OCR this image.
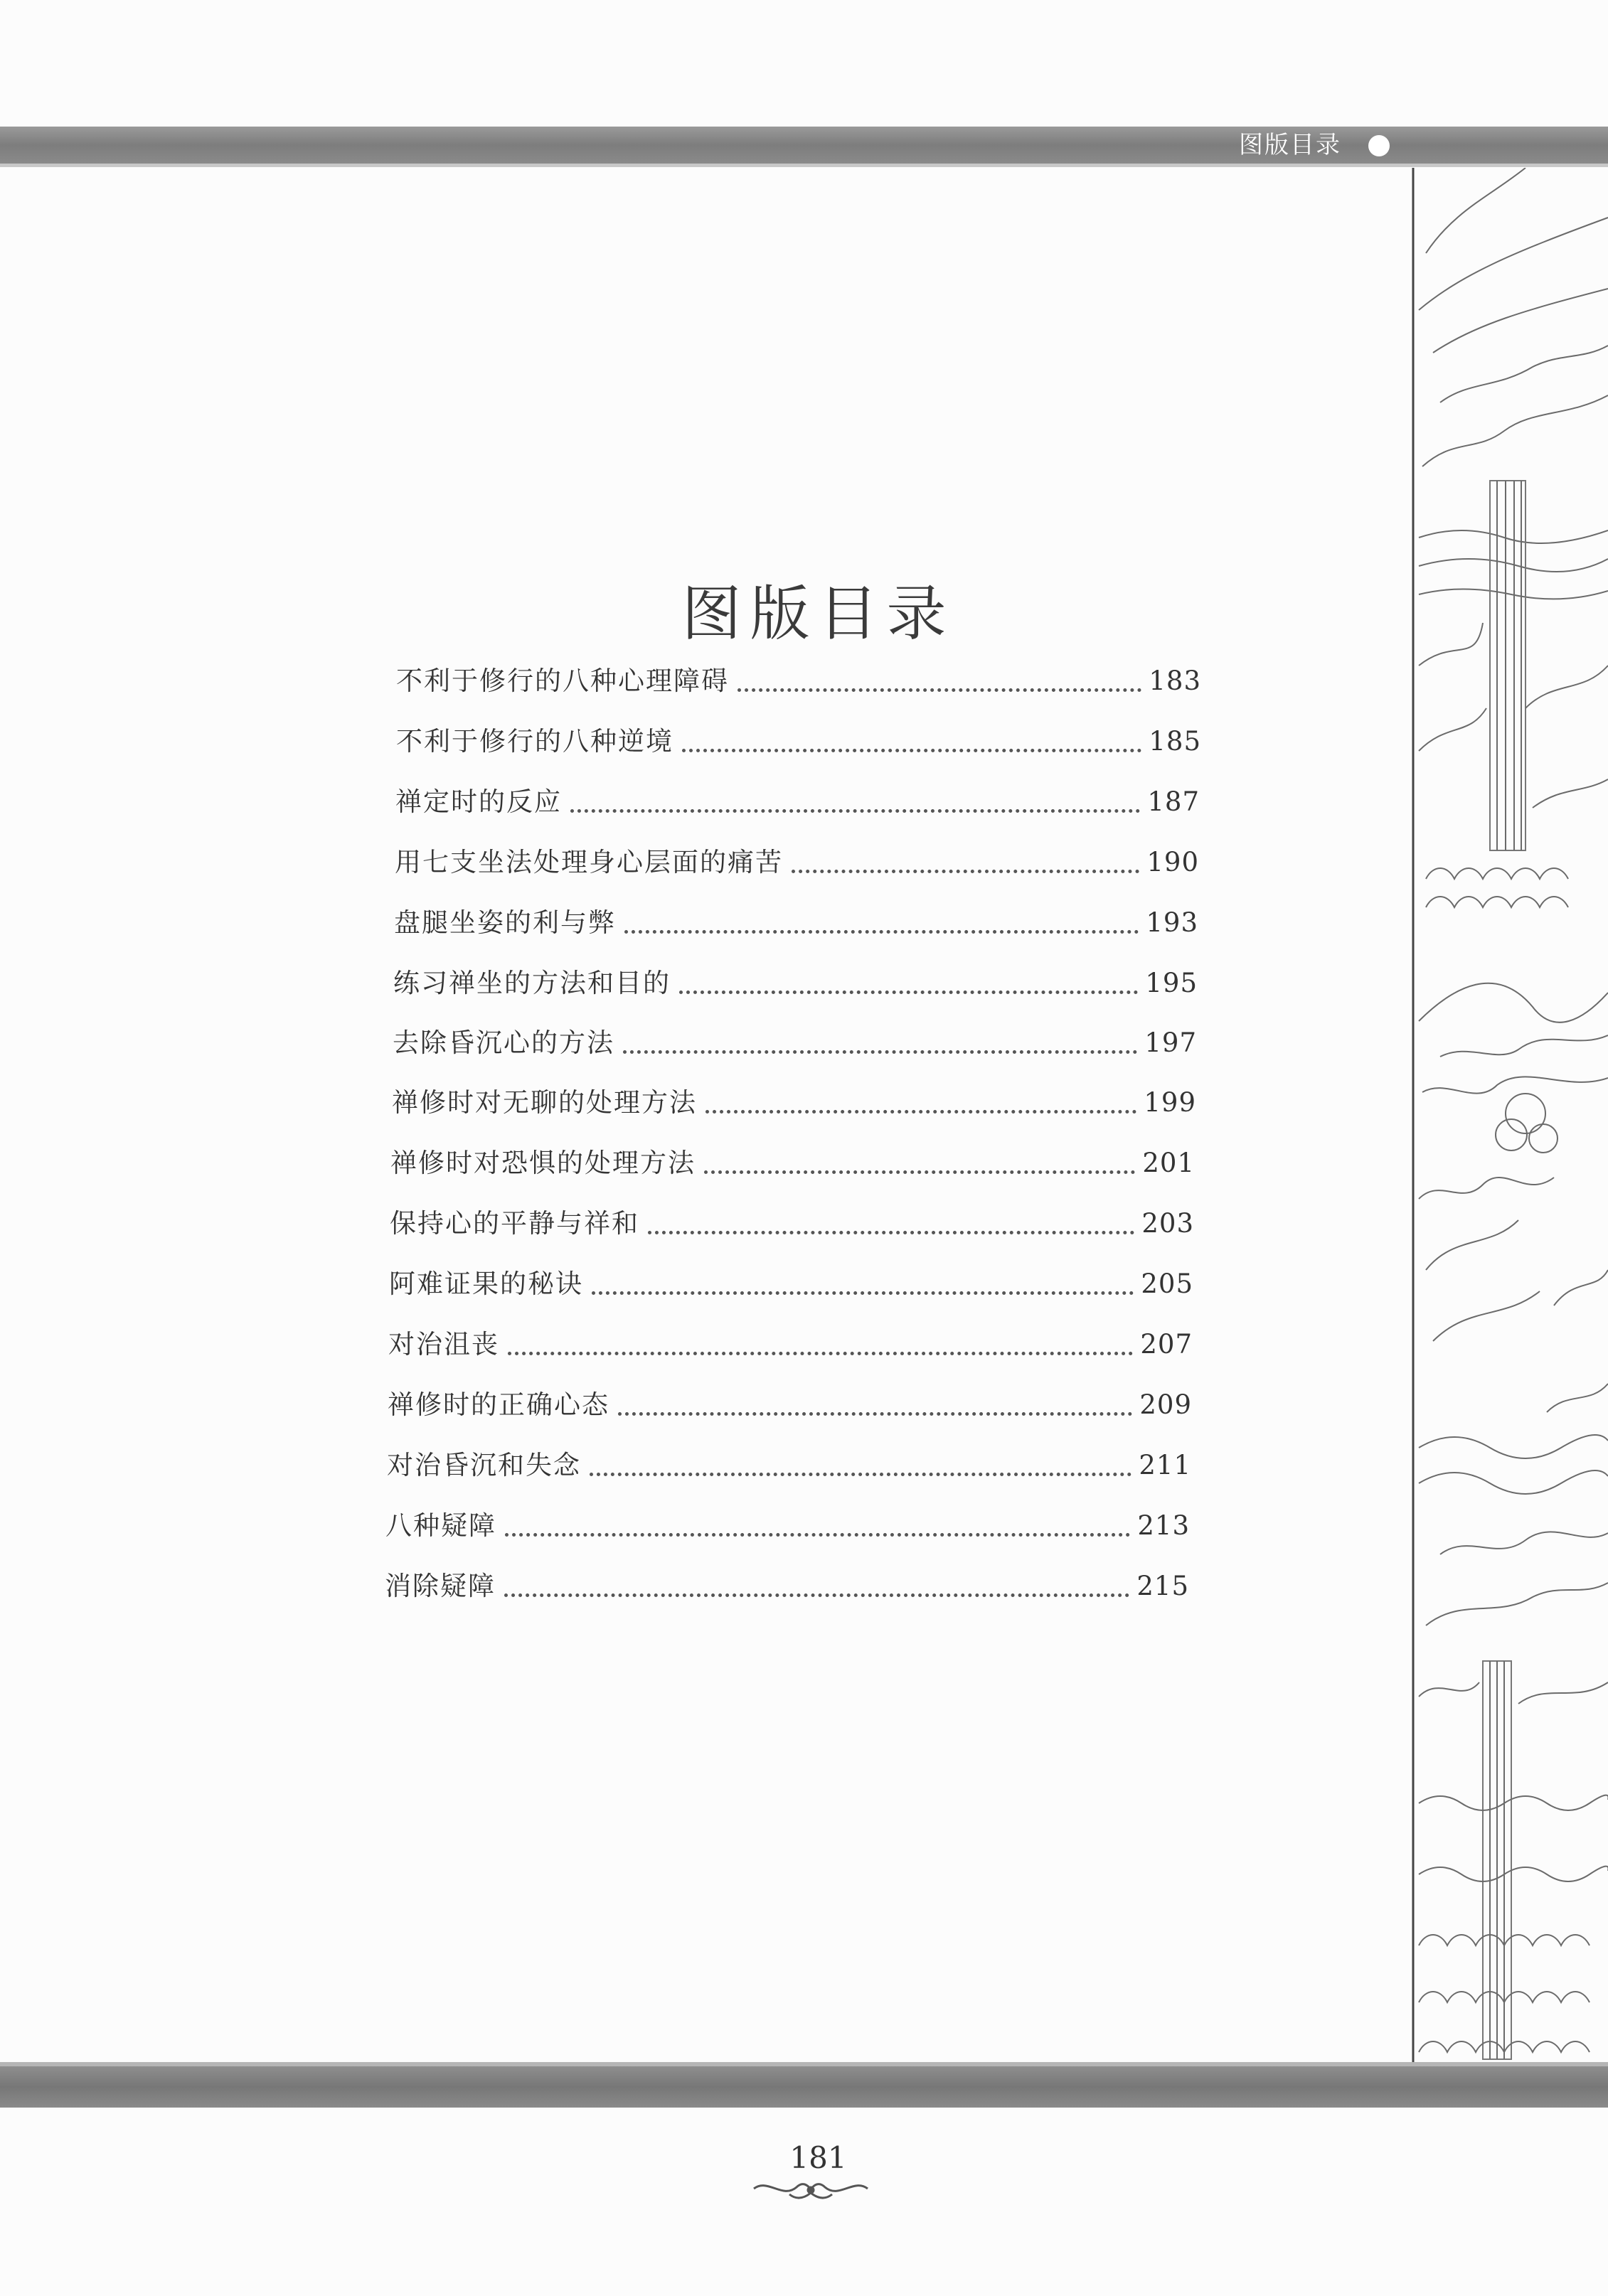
图版目录
图版目录
不利于修行的八种心理障碍	183
不利于修行的八种逆境	185
禅定时的反应	187
用七支坐法处理身心层面的痛苦	190
盘腿坐姿的利与弊	193
练习禅坐的方法和目的	195
去除昏沉心的方法	197
禅修时对无聊的处理方法	199
禅修时对恐惧的处理方法	201
保持心的平静与祥和	203
阿难证果的秘诀	205
对治沮丧	207
禅修时的正确心态	209
对治昏沉和失念	211
八种疑障	213
消除疑障	215
181
